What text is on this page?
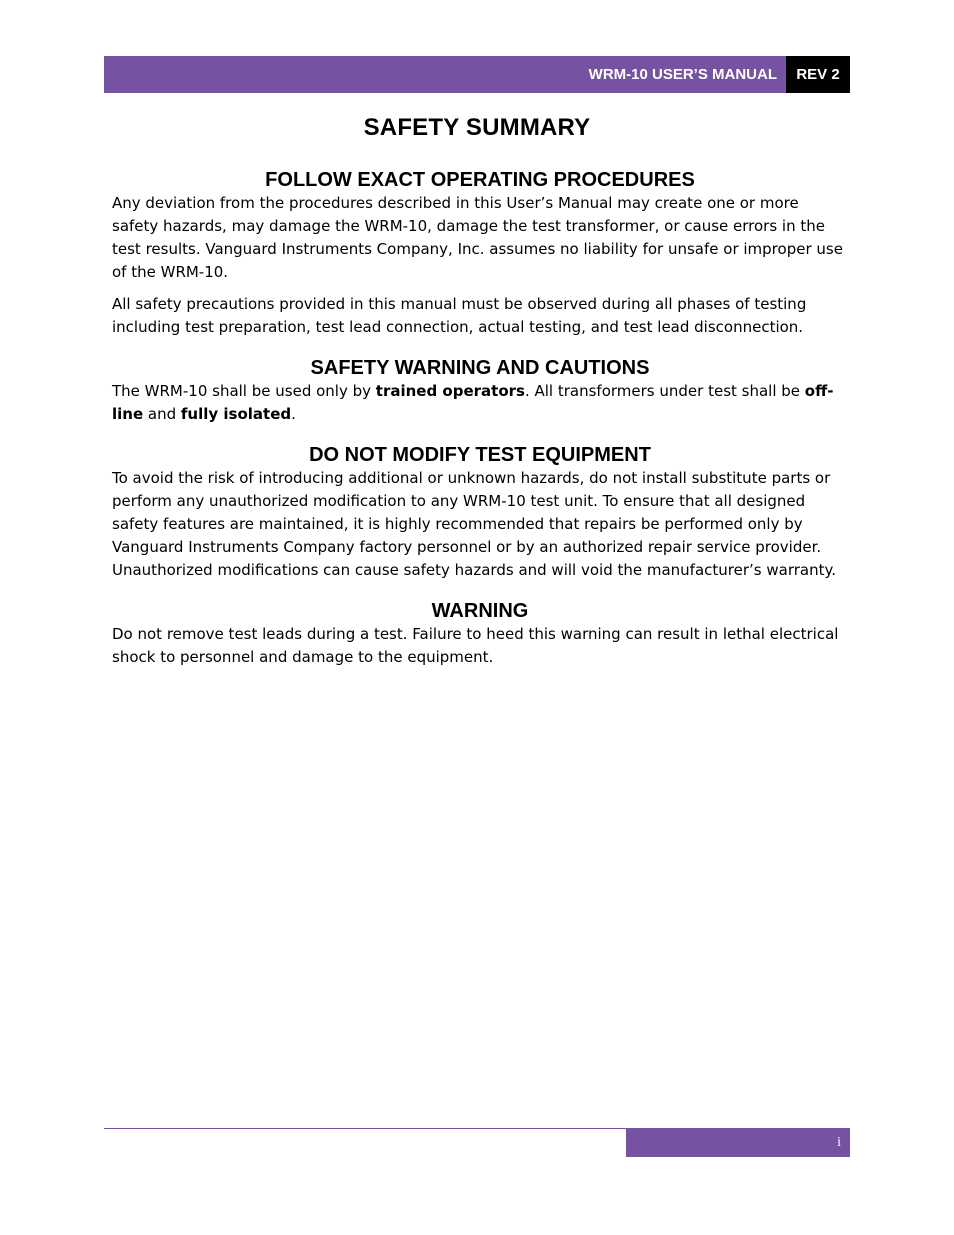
WRM-10 USER’S MANUAL REV 2
SAFETY SUMMARY
FOLLOW EXACT OPERATING PROCEDURES

Any deviation from the procedures described in this User’s Manual may create one or more safety hazards, may damage the WRM-10, damage the test transformer, or cause errors in the test results. Vanguard Instruments Company, Inc. assumes no liability for unsafe or improper use of the WRM-10.

All safety precautions provided in this manual must be observed during all phases of testing including test preparation, test lead connection, actual testing, and test lead disconnection.

SAFETY WARNING AND CAUTIONS

The WRM-10 shall be used only by trained operators. All transformers under test shall be off-line and fully isolated.

DO NOT MODIFY TEST EQUIPMENT

To avoid the risk of introducing additional or unknown hazards, do not install substitute parts or perform any unauthorized modification to any WRM-10 test unit. To ensure that all designed safety features are maintained, it is highly recommended that repairs be performed only by Vanguard Instruments Company factory personnel or by an authorized repair service provider. Unauthorized modifications can cause safety hazards and will void the manufacturer’s warranty.

WARNING

Do not remove test leads during a test. Failure to heed this warning can result in lethal electrical shock to personnel and damage to the equipment.

i
